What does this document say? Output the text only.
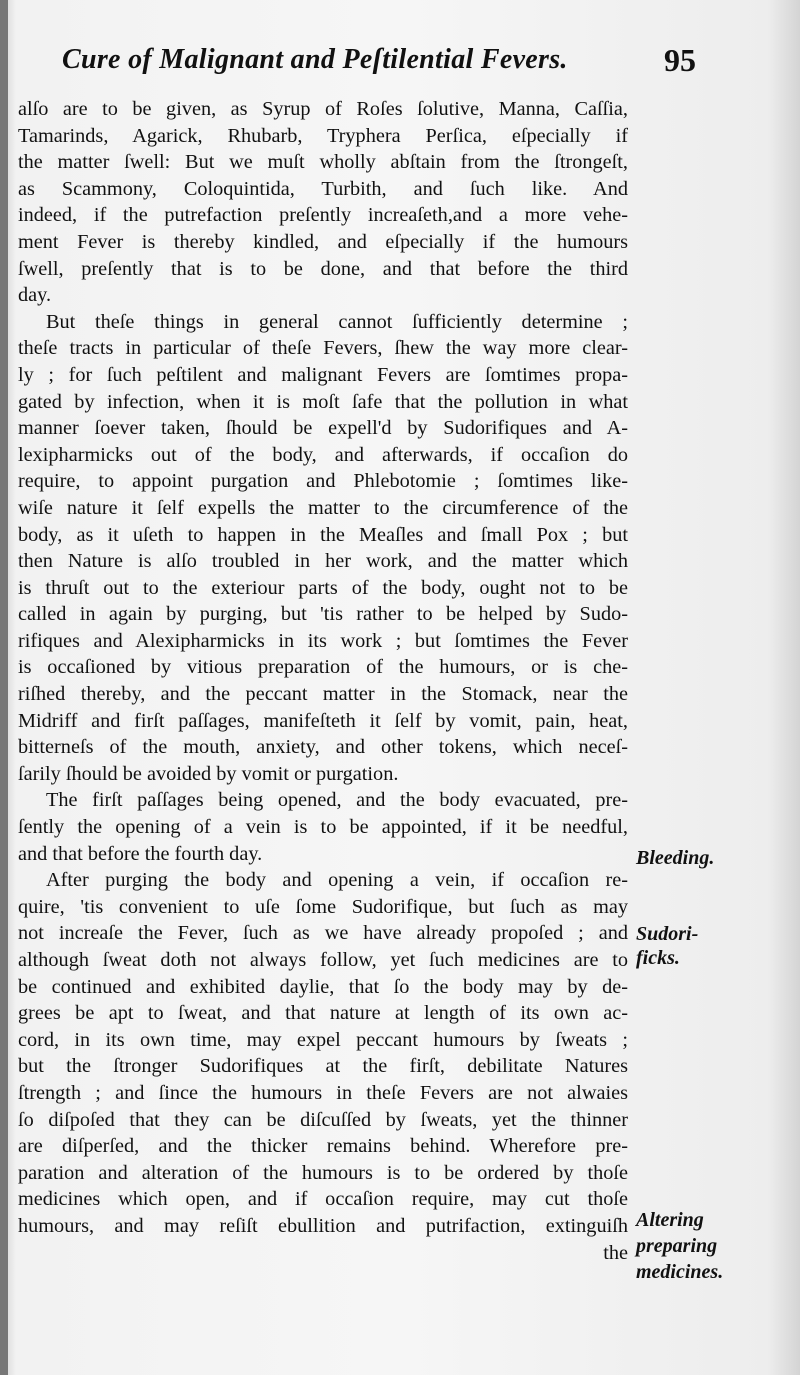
Cure of Malignant and Peſtilential Fevers.	95
alſo are to be given, as Syrup of Roſes ſolutive, Manna, Caſſia,
Tamarinds, Agarick, Rhubarb, Tryphera Perſica, eſpecially if
the matter ſwell: But we muſt wholly abſtain from the ſtrongeſt,
as Scammony, Coloquintida, Turbith, and ſuch like. And
indeed, if the putrefaction preſently increaſeth,and a more vehe-
ment Fever is thereby kindled, and eſpecially if the humours
ſwell, preſently that is to be done, and that before the third
day.
But theſe things in general cannot ſufficiently determine ;
theſe tracts in particular of theſe Fevers, ſhew the way more clear-
ly ; for ſuch peſtilent and malignant Fevers are ſomtimes propa-
gated by infection, when it is moſt ſafe that the pollution in what
manner ſoever taken, ſhould be expell'd by Sudorifiques and A-
lexipharmicks out of the body, and afterwards, if occaſion do
require, to appoint purgation and Phlebotomie ; ſomtimes like-
wiſe nature it ſelf expells the matter to the circumference of the
body, as it uſeth to happen in the Meaſles and ſmall Pox ; but
then Nature is alſo troubled in her work, and the matter which
is thruſt out to the exteriour parts of the body, ought not to be
called in again by purging, but 'tis rather to be helped by Sudo-
rifiques and Alexipharmicks in its work ; but ſomtimes the Fever
is occaſioned by vitious preparation of the humours, or is che-
riſhed thereby, and the peccant matter in the Stomack, near the
Midriff and firſt paſſages, manifeſteth it ſelf by vomit, pain, heat,
bitterneſs of the mouth, anxiety, and other tokens, which neceſ-
ſarily ſhould be avoided by vomit or purgation.
The firſt paſſages being opened, and the body evacuated, pre-
ſently the opening of a vein is to be appointed, if it be needful,
and that before the fourth day.
After purging the body and opening a vein, if occaſion re-
quire, 'tis convenient to uſe ſome Sudorifique, but ſuch as may
not increaſe the Fever, ſuch as we have already propoſed ; and
although ſweat doth not always follow, yet ſuch medicines are to
be continued and exhibited daylie, that ſo the body may by de-
grees be apt to ſweat, and that nature at length of its own ac-
cord, in its own time, may expel peccant humours by ſweats ;
but the ſtronger Sudorifiques at the firſt, debilitate Natures
ſtrength ; and ſince the humours in theſe Fevers are not alwaies
ſo diſpoſed that they can be diſcuſſed by ſweats, yet the thinner
are diſperſed, and the thicker remains behind. Wherefore pre-
paration and alteration of the humours is to be ordered by thoſe
medicines which open, and if occaſion require, may cut thoſe
humours, and may reſiſt ebullition and putrifaction, extinguiſh
the
Bleeding.
Sudori-
ficks.
Altering
preparing
medicines.
